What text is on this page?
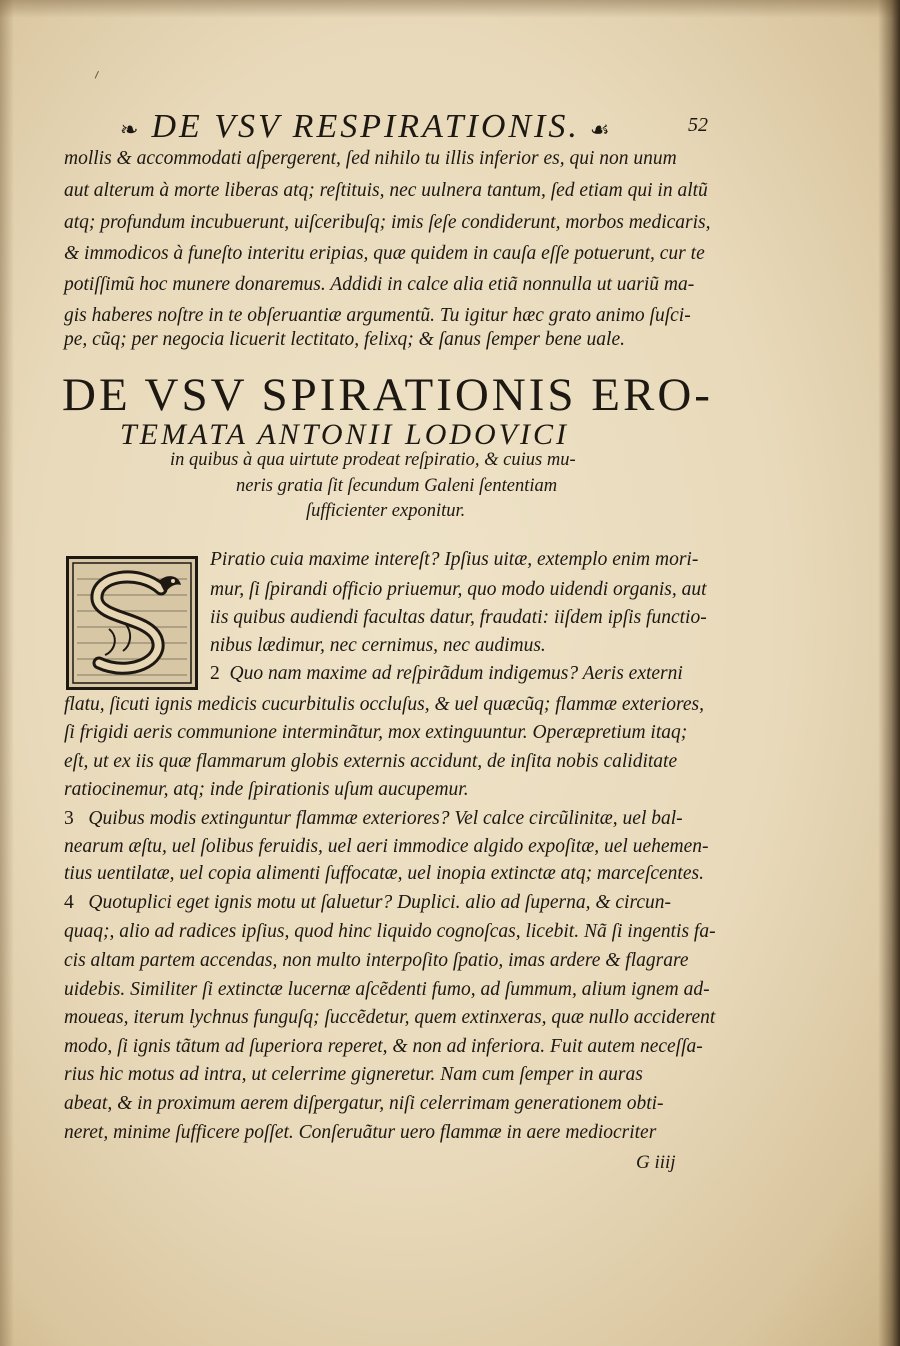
❧ DE VSV RESPIRATIONIS. ☙	52
mollis & accommodati aſpergerent, ſed nihilo tu illis inferior es, qui non unum
aut alterum à morte liberas atq; reſtituis, nec uulnera tantum, ſed etiam qui in altũ
atq; profundum incubuerunt, uiſceribuſq; imis ſeſe condiderunt, morbos medicaris,
& immodicos à funeſto interitu eripias, quæ quidem in cauſa eſſe potuerunt, cur te
potiſſimũ hoc munere donaremus. Addidi in calce alia etiã nonnulla ut uariũ ma-
gis haberes noſtre in te obſeruantiæ argumentũ. Tu igitur hæc grato animo ſuſci-
pe, cũq; per negocia licuerit lectitato, felixq; & ſanus ſemper bene uale.
DE VSV SPIRATIONIS ERO-
TEMATA ANTONII LODOVICI
in quibus à qua uirtute prodeat reſpiratio, & cuius mu-
neris gratia ſit ſecundum Galeni ſententiam
ſufficienter exponitur.
Piratio cuia maxime intereſt? Ipſius uitæ, extemplo enim mori-
mur, ſi ſpirandi officio priuemur, quo modo uidendi organis, aut
iis quibus audiendi facultas datur, fraudati: iiſdem ipſis functio-
nibus lædimur, nec cernimus, nec audimus.
2 Quo nam maxime ad reſpirãdum indigemus? Aeris externi
flatu, ſicuti ignis medicis cucurbitulis occluſus, & uel quæcũq; flammæ exteriores,
ſi frigidi aeris communione interminãtur, mox extinguuntur. Operæpretium itaq;
eſt, ut ex iis quæ flammarum globis externis accidunt, de inſita nobis caliditate
ratiocinemur, atq; inde ſpirationis uſum aucupemur.
3 Quibus modis extinguntur flammæ exteriores? Vel calce circũlinitæ, uel bal-
nearum æſtu, uel ſolibus feruidis, uel aeri immodice algido expoſitæ, uel uehemen-
tius uentilatæ, uel copia alimenti ſuffocatæ, uel inopia extinctæ atq; marceſcentes.
4 Quotuplici eget ignis motu ut ſaluetur? Duplici. alio ad ſuperna, & circun-
quaq;, alio ad radices ipſius, quod hinc liquido cognoſcas, licebit. Nã ſi ingentis fa-
cis altam partem accendas, non multo interpoſito ſpatio, imas ardere & flagrare
uidebis. Similiter ſi extinctæ lucernæ aſcẽdenti fumo, ad ſummum, alium ignem ad-
moueas, iterum lychnus funguſq; ſuccẽdetur, quem extinxeras, quæ nullo acciderent
modo, ſi ignis tãtum ad ſuperiora reperet, & non ad inferiora. Fuit autem neceſſa-
rius hic motus ad intra, ut celerrime gigneretur. Nam cum ſemper in auras
abeat, & in proximum aerem diſpergatur, niſi celerrimam generationem obti-
neret, minime ſufficere poſſet. Conſeruãtur uero flammæ in aere mediocriter
G iiij
